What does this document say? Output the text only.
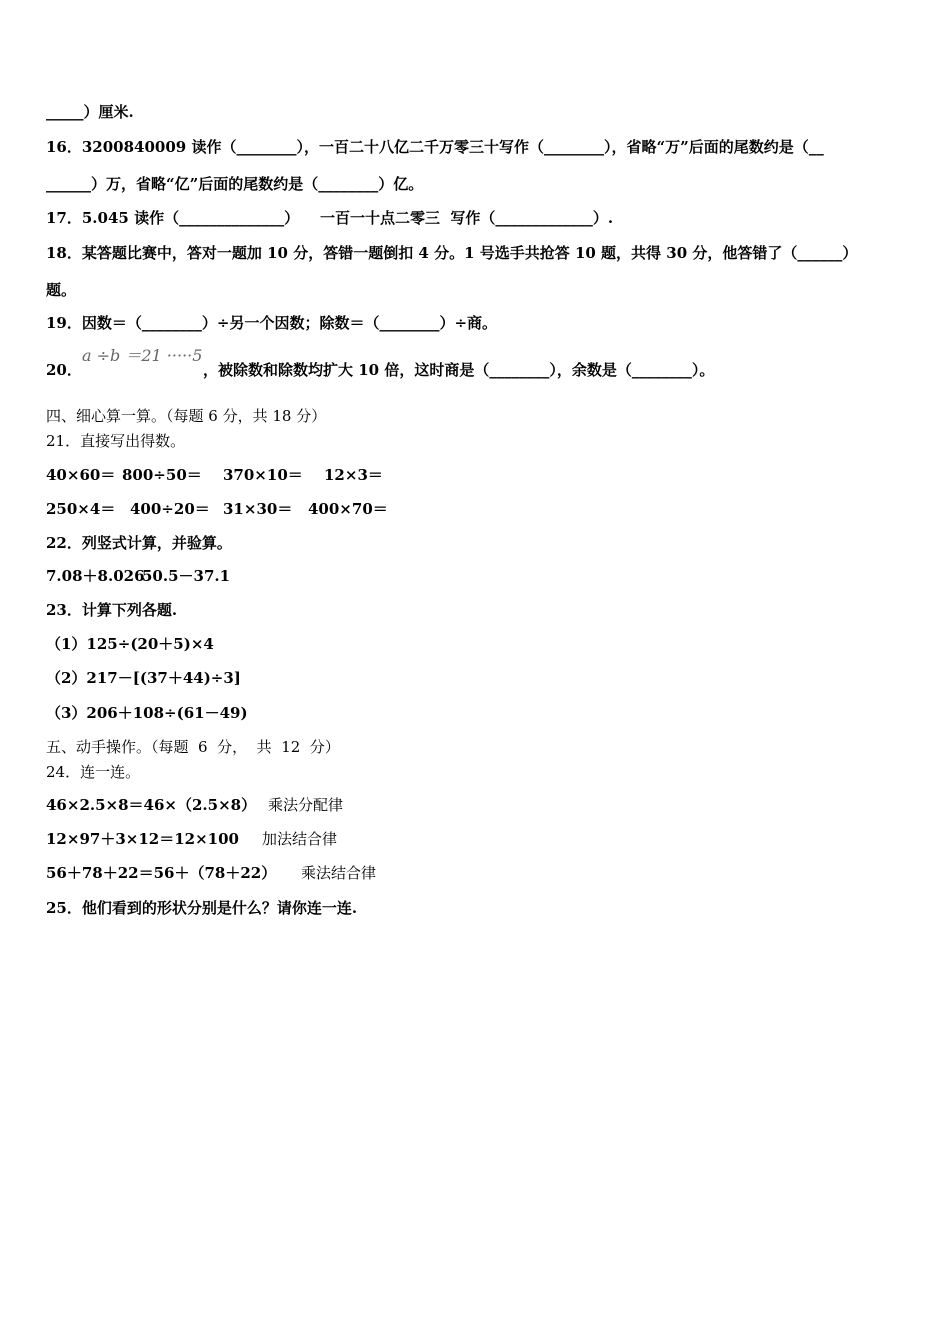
_____）厘米.
16．3200840009 读作（________），一百二十八亿二千万零三十写作（________），省略“万”后面的尾数约是（__
______）万，省略“亿”后面的尾数约是（________）亿。
17．5.045 读作（______________）    一百一十点二零三  写作（_____________）.
18．某答题比赛中，答对一题加 10 分，答错一题倒扣 4 分。1 号选手共抢答 10 题，共得 30 分，他答错了（______）
题。
19．因数＝（________）÷另一个因数；除数＝（________）÷商。
20．
a ÷b ＝21 ·····5
，被除数和除数均扩大 10 倍，这时商是（________），余数是（________）。
四、细心算一算。（每题 6 分，共 18 分）
21．直接写出得数。
40×60＝ 800÷50＝ 370×10＝ 12×3＝
250×4＝ 400÷20＝ 31×30＝ 400×70＝
22．列竖式计算，并验算。
7.08＋8.026
50.5－37.1
23．计算下列各题.
（1）125÷(20＋5)×4
（2）217－[(37＋44)÷3]
（3）206＋108÷(61－49)
五、动手操作。（每题  6  分，  共  12  分）
24．连一连。
46×2.5×8＝46×（2.5×8） 乘法分配律
12×97＋3×12＝12×100 加法结合律
56＋78＋22＝56＋（78＋22） 乘法结合律
25．他们看到的形状分别是什么？请你连一连.
